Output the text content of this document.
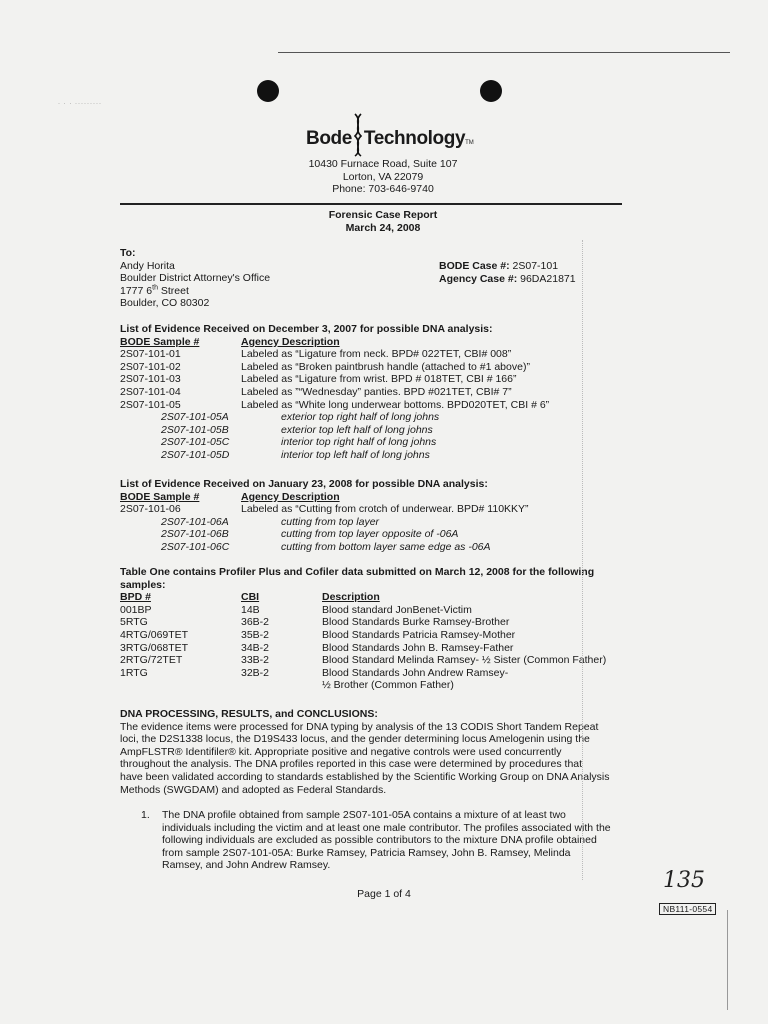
· · · ·········
Bode TechnologyTM
10430 Furnace Road, Suite 107
Lorton, VA 22079
Phone: 703-646-9740
Forensic Case Report
March 24, 2008
To:
Andy Horita
Boulder District Attorney's Office
1777 6th Street
Boulder, CO 80302
BODE Case #: 2S07-101
Agency Case #: 96DA21871
List of Evidence Received on December 3, 2007 for possible DNA analysis:
BODE Sample #	Agency Description
2S07-101-01	Labeled as “Ligature from neck. BPD# 022TET, CBI# 008”
2S07-101-02	Labeled as “Broken paintbrush handle (attached to #1 above)”
2S07-101-03	Labeled as “Ligature from wrist. BPD # 018TET, CBI # 166”
2S07-101-04	Labeled as ”“Wednesday” panties. BPD #021TET, CBI# 7”
2S07-101-05	Labeled as “White long underwear bottoms. BPD020TET, CBI # 6”
2S07-101-05A	exterior top right half of long johns
2S07-101-05B	exterior top left half of long johns
2S07-101-05C	interior top right half of long johns
2S07-101-05D	interior top left half of long johns
List of Evidence Received on January 23, 2008 for possible DNA analysis:
BODE Sample #	Agency Description
2S07-101-06	Labeled as “Cutting from crotch of underwear. BPD# 110KKY”
2S07-101-06A	cutting from top layer
2S07-101-06B	cutting from top layer opposite of -06A
2S07-101-06C	cutting from bottom layer same edge as -06A
Table One contains Profiler Plus and Cofiler data submitted on March 12, 2008 for the following
samples:
BPD #	CBI	Description
001BP	14B	Blood standard JonBenet-Victim
5RTG	36B-2	Blood Standards Burke Ramsey-Brother
4RTG/069TET	35B-2	Blood Standards Patricia Ramsey-Mother
3RTG/068TET	34B-2	Blood Standards John B. Ramsey-Father
2RTG/72TET	33B-2	Blood Standard Melinda Ramsey- ½ Sister (Common Father)
1RTG	32B-2	Blood Standards John Andrew Ramsey-
½ Brother (Common Father)
DNA PROCESSING, RESULTS, and CONCLUSIONS:
The evidence items were processed for DNA typing by analysis of the 13 CODIS Short Tandem Repeat
loci, the D2S1338 locus, the D19S433 locus, and the gender determining locus Amelogenin using the
AmpFLSTR® Identifiler® kit. Appropriate positive and negative controls were used concurrently
throughout the analysis. The DNA profiles reported in this case were determined by procedures that
have been validated according to standards established by the Scientific Working Group on DNA Analysis
Methods (SWGDAM) and adopted as Federal Standards.
1. The DNA profile obtained from sample 2S07-101-05A contains a mixture of at least two
individuals including the victim and at least one male contributor. The profiles associated with the
following individuals are excluded as possible contributors to the mixture DNA profile obtained
from sample 2S07-101-05A: Burke Ramsey, Patricia Ramsey, John B. Ramsey, Melinda
Ramsey, and John Andrew Ramsey.
Page 1 of 4
135
NB111-0554
